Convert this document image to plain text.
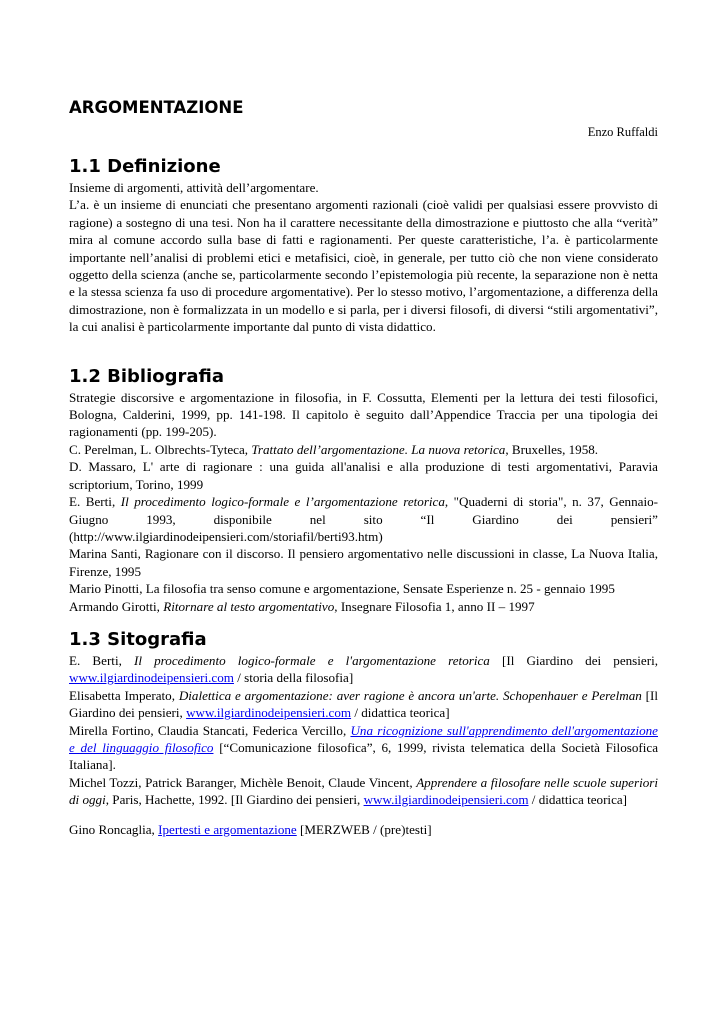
ARGOMENTAZIONE

Enzo Ruffaldi

1.1 Definizione

Insieme di argomenti, attività dell’argomentare.

L’a. è un insieme di enunciati che presentano argomenti razionali (cioè validi per qualsiasi essere provvisto di ragione) a sostegno di una tesi. Non ha il carattere necessitante della dimostrazione e piuttosto che alla “verità” mira al comune accordo sulla base di fatti e ragionamenti. Per queste caratteristiche, l’a. è particolarmente importante nell’analisi di problemi etici e metafisici, cioè, in generale, per tutto ciò che non viene considerato oggetto della scienza (anche se, particolarmente secondo l’epistemologia più recente, la separazione non è netta e la stessa scienza fa uso di procedure argomentative). Per lo stesso motivo, l’argomentazione, a differenza della dimostrazione, non è formalizzata in un modello e si parla, per i diversi filosofi, di diversi “stili argomentativi”, la cui analisi è particolarmente importante dal punto di vista didattico.

1.2 Bibliografia

Strategie discorsive e argomentazione in filosofia, in F. Cossutta, Elementi per la lettura dei testi filosofici, Bologna, Calderini, 1999, pp. 141-198. Il capitolo è seguito dall’Appendice Traccia per una tipologia dei ragionamenti (pp. 199-205).

C. Perelman, L. Olbrechts-Tyteca, Trattato dell’argomentazione. La nuova retorica, Bruxelles, 1958.

D. Massaro, L' arte di ragionare : una guida all'analisi e alla produzione di testi argomentativi, Paravia scriptorium, Torino, 1999

E. Berti, Il procedimento logico-formale e l’argomentazione retorica, "Quaderni di storia", n. 37, Gennaio-Giugno 1993, disponibile nel sito “Il Giardino dei pensieri” (http://www.ilgiardinodeipensieri.com/storiafil/berti93.htm)

Marina Santi, Ragionare con il discorso. Il pensiero argomentativo nelle discussioni in classe, La Nuova Italia, Firenze, 1995

Mario Pinotti, La filosofia tra senso comune e argomentazione, Sensate Esperienze n. 25 - gennaio 1995

Armando Girotti, Ritornare al testo argomentativo, Insegnare Filosofia 1, anno II – 1997

1.3 Sitografia

E. Berti, Il procedimento logico-formale e l'argomentazione retorica [Il Giardino dei pensieri, www.ilgiardinodeipensieri.com / storia della filosofia]

Elisabetta Imperato, Dialettica e argomentazione: aver ragione è ancora un'arte. Schopenhauer e Perelman [Il Giardino dei pensieri, www.ilgiardinodeipensieri.com / didattica teorica]

Mirella Fortino, Claudia Stancati, Federica Vercillo, Una ricognizione sull'apprendimento dell'argomentazione e del linguaggio filosofico [“Comunicazione filosofica”, 6, 1999, rivista telematica della Società Filosofica Italiana].

Michel Tozzi, Patrick Baranger, Michèle Benoit, Claude Vincent, Apprendere a filosofare nelle scuole superiori di oggi, Paris, Hachette, 1992. [Il Giardino dei pensieri, www.ilgiardinodeipensieri.com / didattica teorica]

Gino Roncaglia, Ipertesti e argomentazione [MERZWEB / (pre)testi]
